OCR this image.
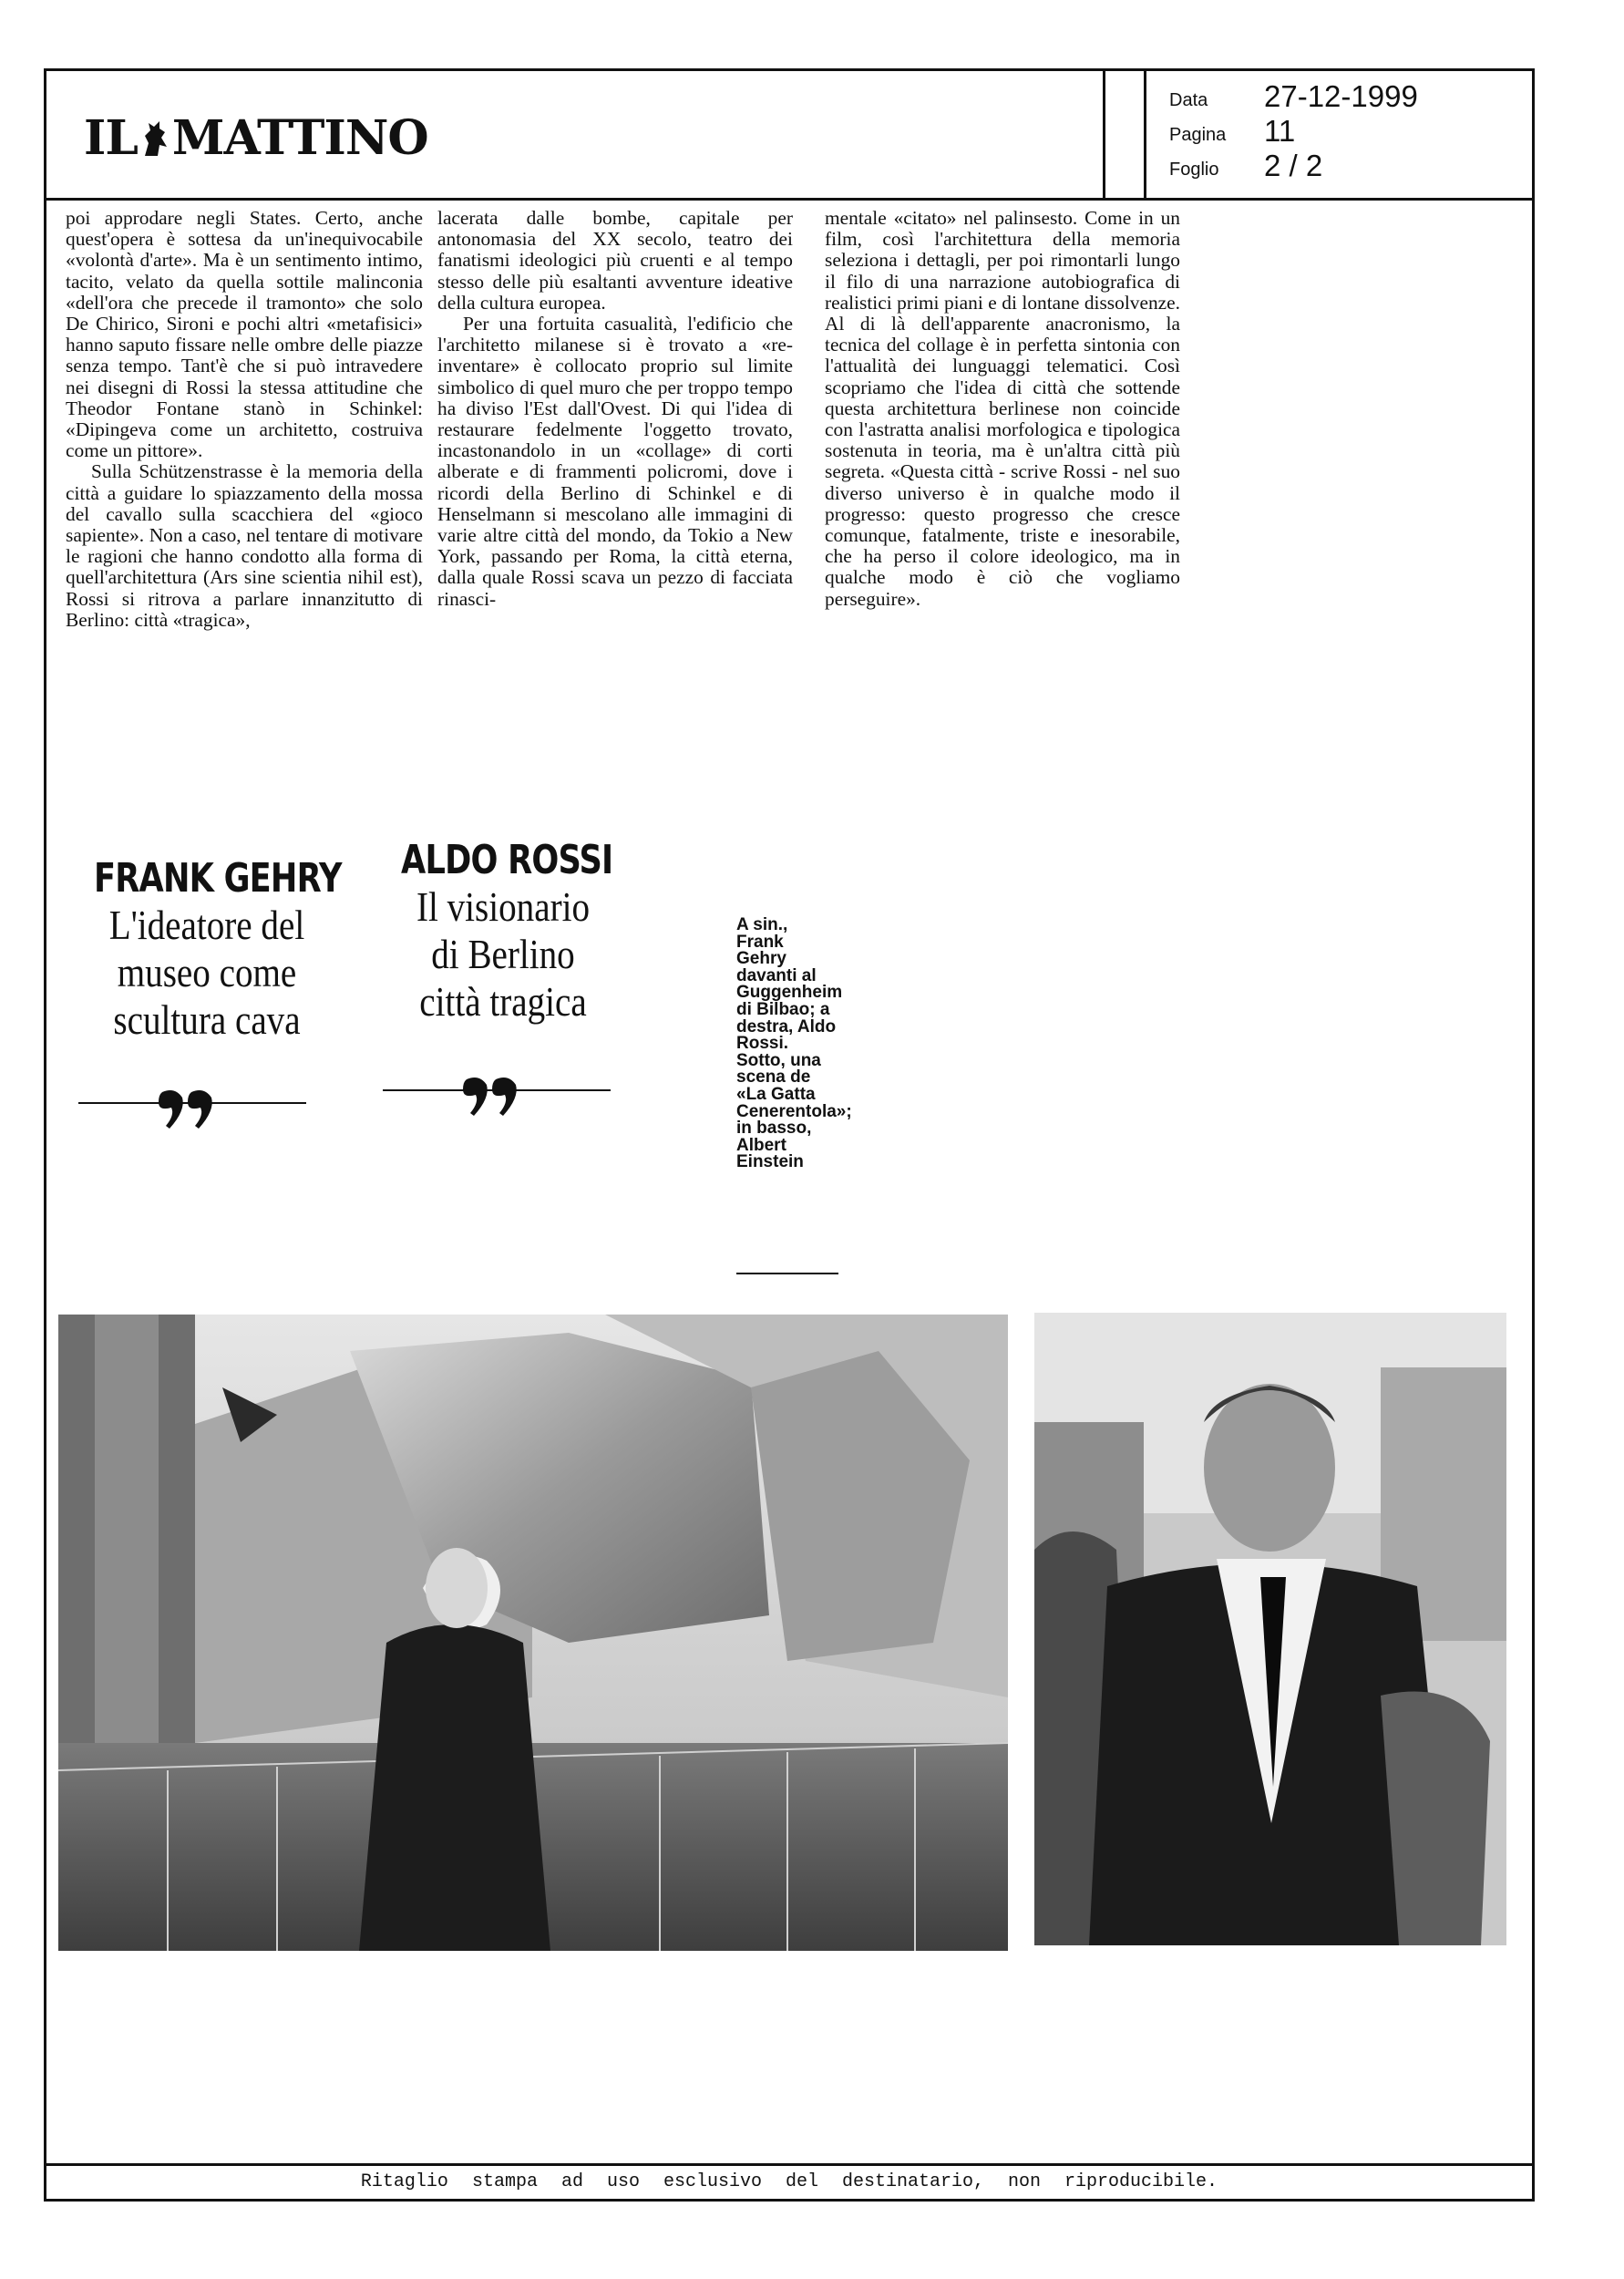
IL MATTINO
Data 27-12-1999
Pagina 11
Foglio 2 / 2

poi approdare negli States. Certo, anche quest'opera è sottesa da un'inequivocabile «volontà d'arte». Ma è un sentimento intimo, tacito, velato da quella sottile malinconia «dell'ora che precede il tramonto» che solo De Chirico, Sironi e pochi altri «metafisici» hanno saputo fissare nelle ombre delle piazze senza tempo. Tant'è che si può intravedere nei disegni di Rossi la stessa attitudine che Theodor Fontane stanò in Schinkel: «Dipingeva come un architetto, costruiva come un pittore».

Sulla Schützenstrasse è la memoria della città a guidare lo spiazzamento della mossa del cavallo sulla scacchiera del «gioco sapiente». Non a caso, nel tentare di motivare le ragioni che hanno condotto alla forma di quell'architettura (Ars sine scientia nihil est), Rossi si ritrova a parlare innanzitutto di Berlino: città «tragica»,

lacerata dalle bombe, capitale per antonomasia del XX secolo, teatro dei fanatismi ideologici più cruenti e al tempo stesso delle più esaltanti avventure ideative della cultura europea.

Per una fortuita casualità, l'edificio che l'architetto milanese si è trovato a «re-inventare» è collocato proprio sul limite simbolico di quel muro che per troppo tempo ha diviso l'Est dall'Ovest. Di qui l'idea di restaurare fedelmente l'oggetto trovato, incastonandolo in un «collage» di corti alberate e di frammenti policromi, dove i ricordi della Berlino di Schinkel e di Henselmann si mescolano alle immagini di varie altre città del mondo, da Tokio a New York, passando per Roma, la città eterna, dalla quale Rossi scava un pezzo di facciata rinasci-

mentale «citato» nel palinsesto. Come in un film, così l'architettura della memoria seleziona i dettagli, per poi rimontarli lungo il filo di una narrazione autobiografica di realistici primi piani e di lontane dissolvenze. Al di là dell'apparente anacronismo, la tecnica del collage è in perfetta sintonia con l'attualità dei lunguaggi telematici. Così scopriamo che l'idea di città che sottende questa architettura berlinese non coincide con l'astratta analisi morfologica e tipologica sostenuta in teoria, ma è un'altra città più segreta. «Questa città - scrive Rossi - nel suo diverso universo è in qualche modo il progresso: questo progresso che cresce comunque, fatalmente, triste e inesorabile, che ha perso il colore ideologico, ma in qualche modo è ciò che vogliamo perseguire».

FRANK GEHRY
L'ideatore del
museo come
scultura cava
ALDO ROSSI
Il visionario
di Berlino
città tragica
A sin., Frank Gehry davanti al Guggenheim di Bilbao; a destra, Aldo Rossi. Sotto, una scena de «La Gatta Cenerentola»; in basso, Albert Einstein
Ritaglio stampa ad uso esclusivo del destinatario, non riproducibile.
